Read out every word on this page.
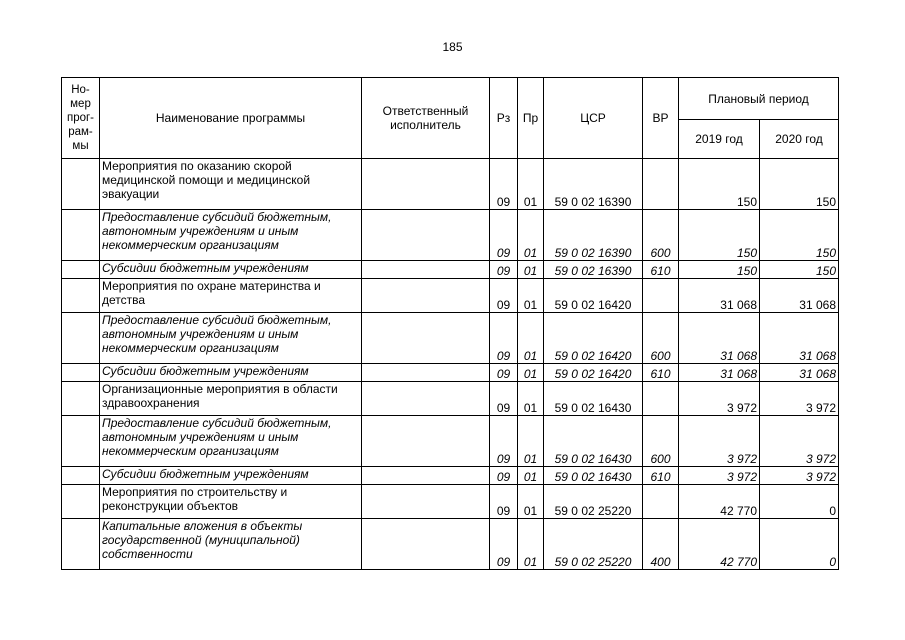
185
Но-мер прог-рам-мы	Наименование программы	Ответственный исполнитель	Рз	Пр	ЦСР	ВР	Плановый период	
							2019 год	2020 год
	Мероприятия по оказанию скорой медицинской помощи и медицинской эвакуации		09	01	59 0 02 16390		150	150
	Предоставление субсидий бюджетным, автономным учреждениям и иным некоммерческим организациям		09	01	59 0 02 16390	600	150	150
	Субсидии бюджетным учреждениям		09	01	59 0 02 16390	610	150	150
	Мероприятия по охране материнства и детства		09	01	59 0 02 16420		31 068	31 068
	Предоставление субсидий бюджетным, автономным учреждениям и иным некоммерческим организациям		09	01	59 0 02 16420	600	31 068	31 068
	Субсидии бюджетным учреждениям		09	01	59 0 02 16420	610	31 068	31 068
	Организационные мероприятия в области здравоохранения		09	01	59 0 02 16430		3 972	3 972
	Предоставление субсидий бюджетным, автономным учреждениям и иным некоммерческим организациям		09	01	59 0 02 16430	600	3 972	3 972
	Субсидии бюджетным учреждениям		09	01	59 0 02 16430	610	3 972	3 972
	Мероприятия по строительству и реконструкции объектов		09	01	59 0 02 25220		42 770	0
	Капитальные вложения в объекты государственной (муниципальной) собственности		09	01	59 0 02 25220	400	42 770	0
